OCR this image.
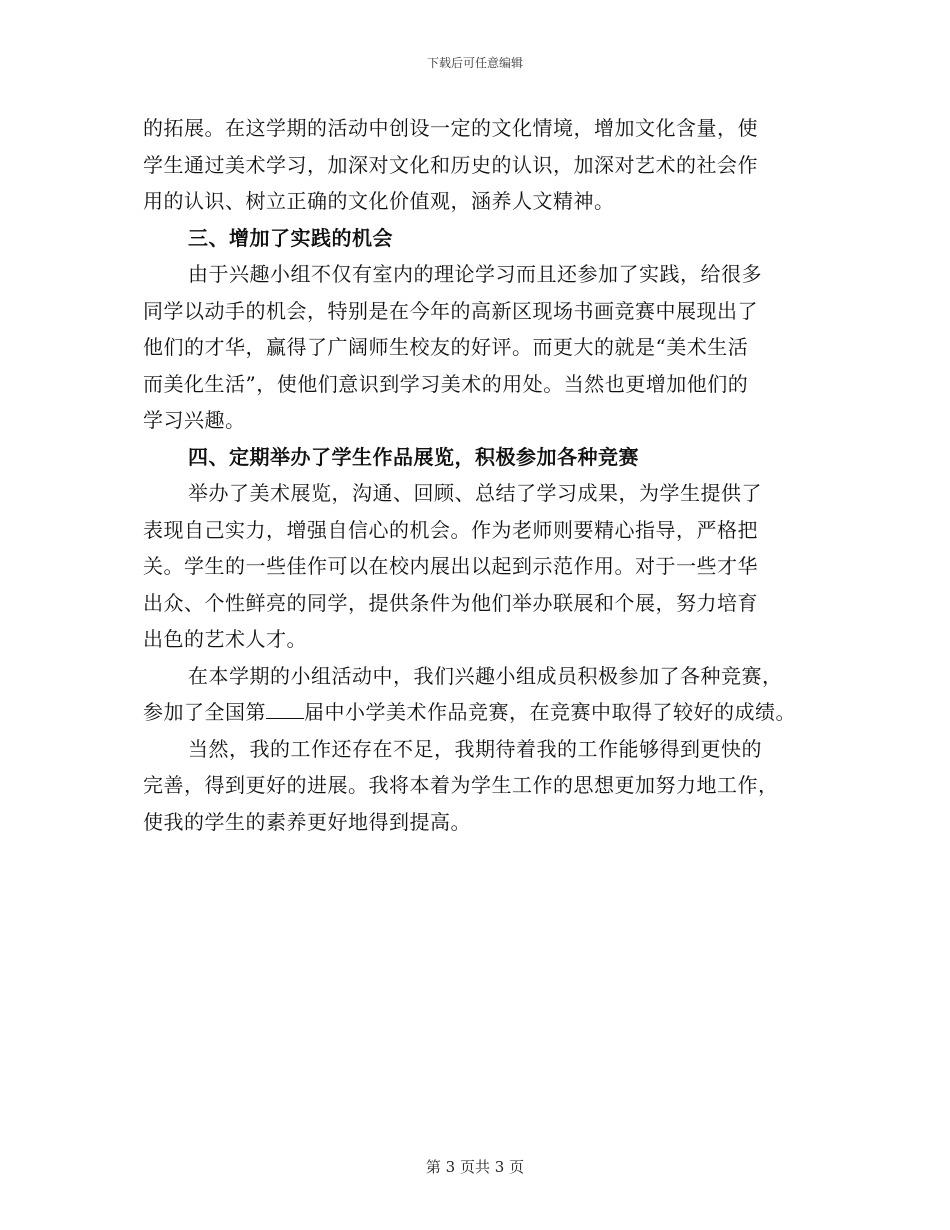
下载后可任意编辑
的拓展。在这学期的活动中创设一定的文化情境，增加文化含量，使
学生通过美术学习，加深对文化和历史的认识，加深对艺术的社会作
用的认识、树立正确的文化价值观，涵养人文精神。
三、增加了实践的机会
由于兴趣小组不仅有室内的理论学习而且还参加了实践，给很多
同学以动手的机会，特别是在今年的高新区现场书画竞赛中展现出了
他们的才华，赢得了广阔师生校友的好评。而更大的就是“美术生活
而美化生活”，使他们意识到学习美术的用处。当然也更增加他们的
学习兴趣。
四、定期举办了学生作品展览，积极参加各种竞赛
举办了美术展览，沟通、回顾、总结了学习成果，为学生提供了
表现自己实力，增强自信心的机会。作为老师则要精心指导，严格把
关。学生的一些佳作可以在校内展出以起到示范作用。对于一些才华
出众、个性鲜亮的同学，提供条件为他们举办联展和个展，努力培育
出色的艺术人才。
在本学期的小组活动中，我们兴趣小组成员积极参加了各种竞赛，
参加了全国第 届中小学美术作品竞赛，在竞赛中取得了较好的成绩。
当然，我的工作还存在不足，我期待着我的工作能够得到更快的
完善，得到更好的进展。我将本着为学生工作的思想更加努力地工作，
使我的学生的素养更好地得到提高。
第 3 页共 3 页
